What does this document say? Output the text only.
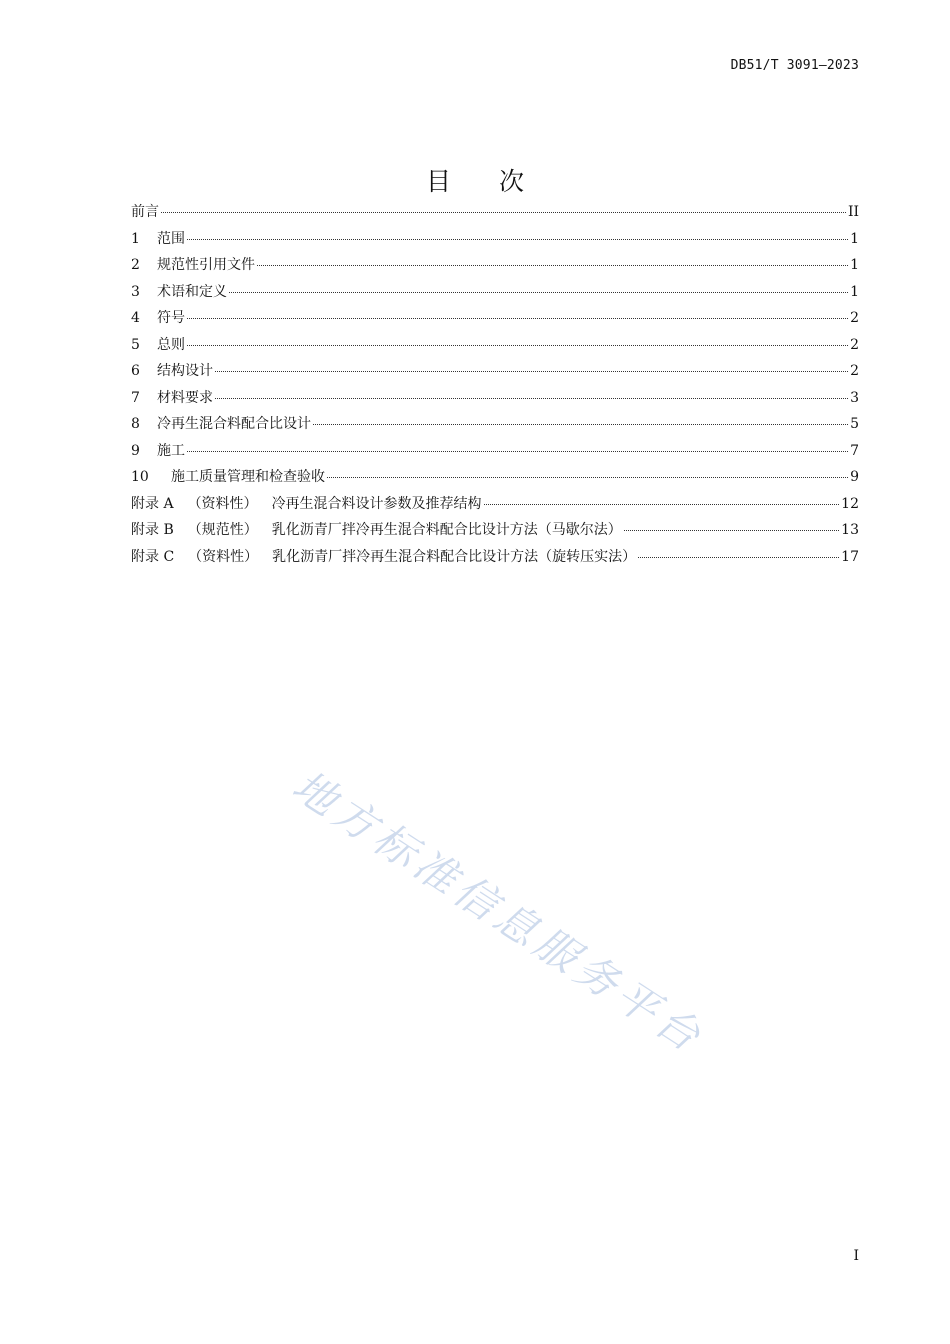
DB51/T 3091—2023
目 次
前言	II
1	范围	1
2	规范性引用文件	1
3	术语和定义	1
4	符号	2
5	总则	2
6	结构设计	2
7	材料要求	3
8	冷再生混合料配合比设计	5
9	施工	7
10	施工质量管理和检查验收	9
附录 A （资料性） 冷再生混合料设计参数及推荐结构	12
附录 B （规范性） 乳化沥青厂拌冷再生混合料配合比设计方法（马歇尔法）	13
附录 C （资料性） 乳化沥青厂拌冷再生混合料配合比设计方法（旋转压实法）	17
地方标准信息服务平台
I
